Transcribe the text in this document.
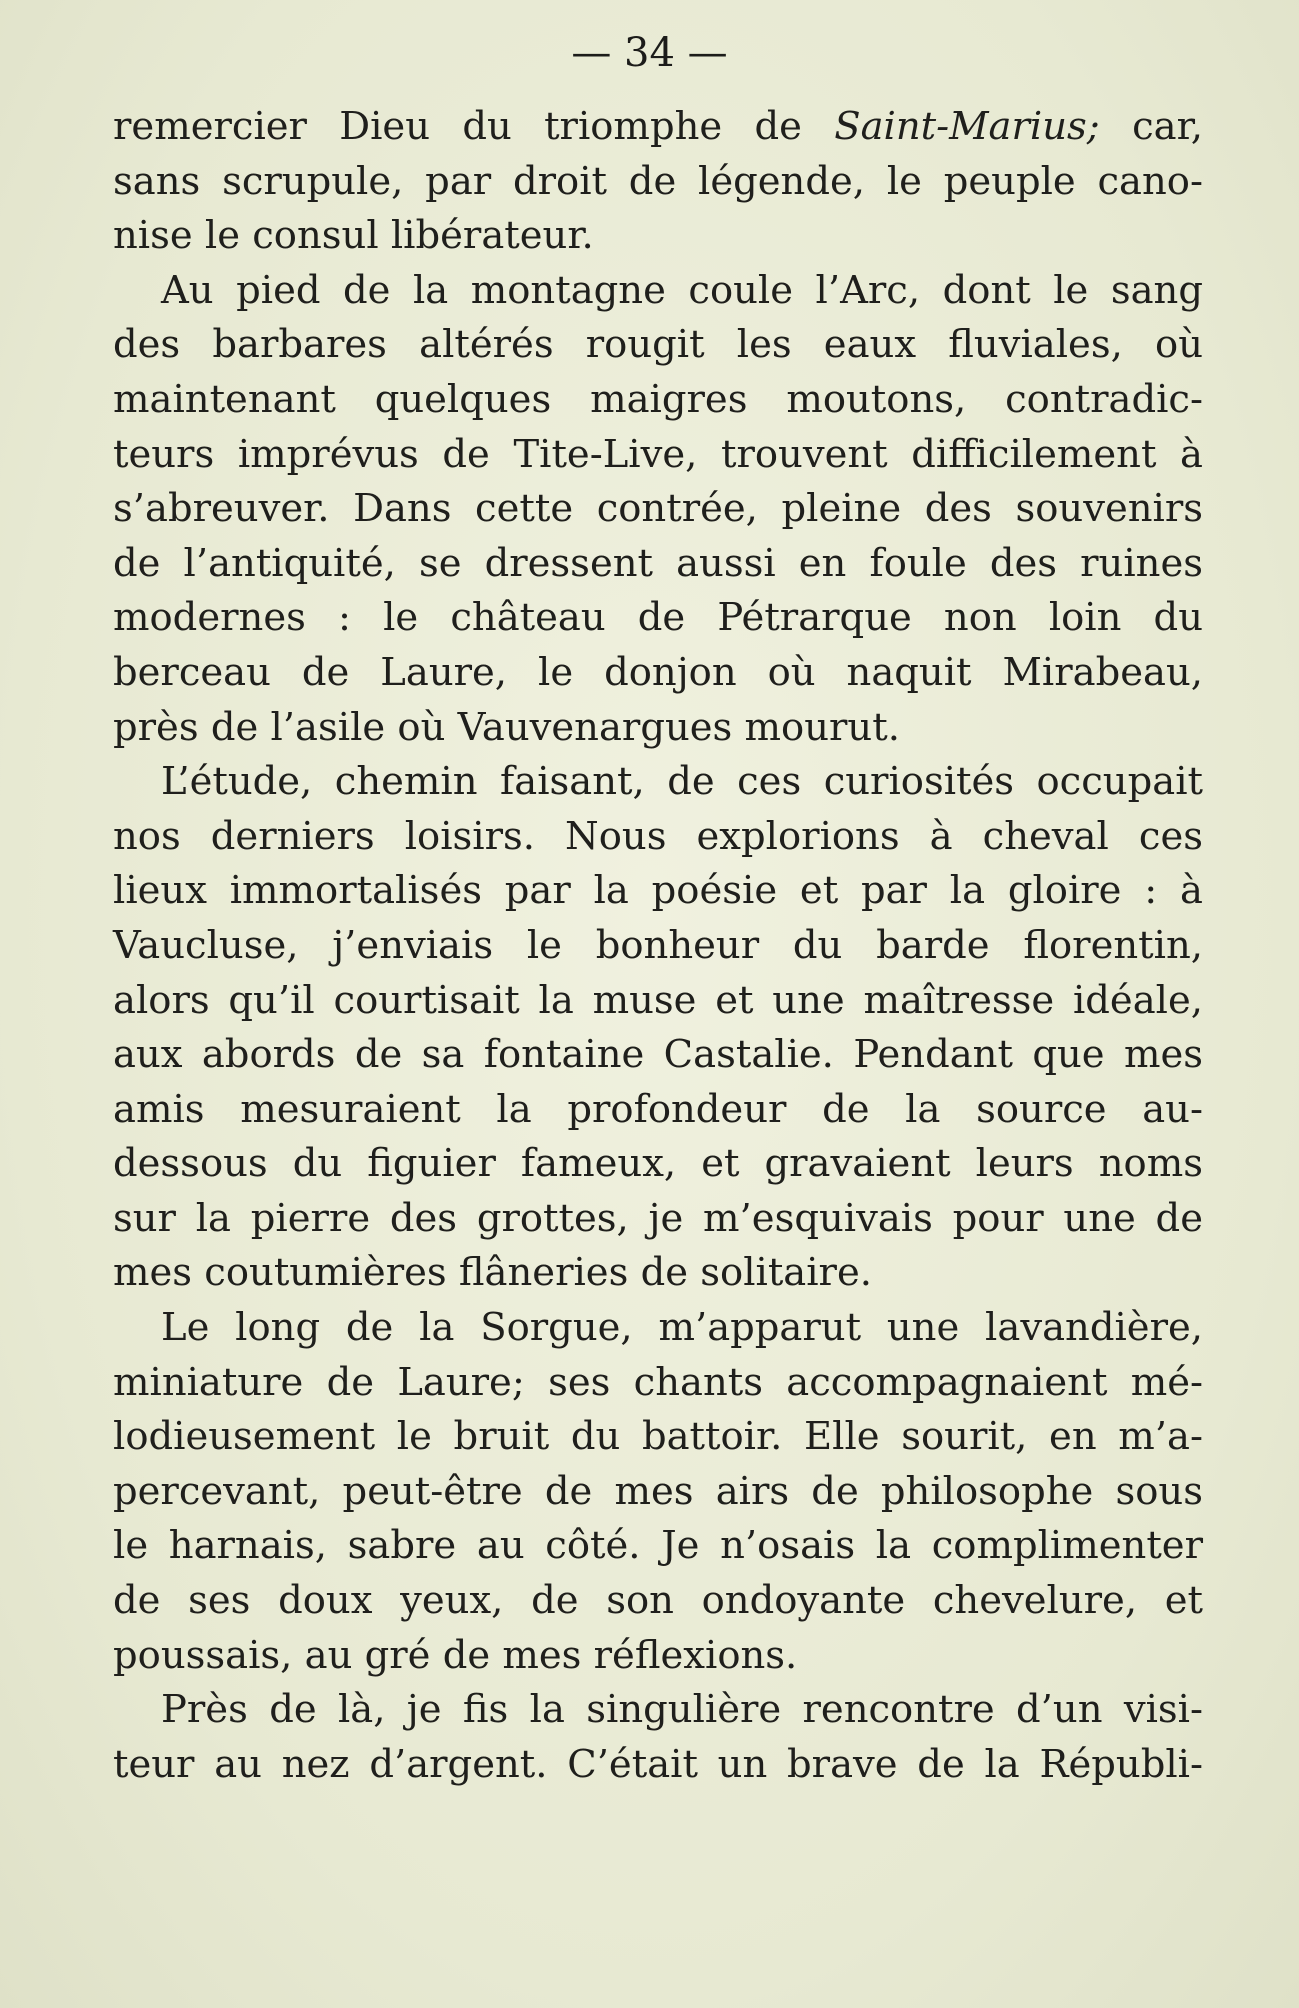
— 34 —
remercier Dieu du triomphe de Saint-Marius; car,
sans scrupule, par droit de légende, le peuple cano-
nise le consul libérateur.
Au pied de la montagne coule l’Arc, dont le sang
des barbares altérés rougit les eaux fluviales, où
maintenant quelques maigres moutons, contradic-
teurs imprévus de Tite-Live, trouvent difficilement à
s’abreuver. Dans cette contrée, pleine des souvenirs
de l’antiquité, se dressent aussi en foule des ruines
modernes : le château de Pétrarque non loin du
berceau de Laure, le donjon où naquit Mirabeau,
près de l’asile où Vauvenargues mourut.
L’étude, chemin faisant, de ces curiosités occupait
nos derniers loisirs. Nous explorions à cheval ces
lieux immortalisés par la poésie et par la gloire : à
Vaucluse, j’enviais le bonheur du barde florentin,
alors qu’il courtisait la muse et une maîtresse idéale,
aux abords de sa fontaine Castalie. Pendant que mes
amis mesuraient la profondeur de la source au-
dessous du figuier fameux, et gravaient leurs noms
sur la pierre des grottes, je m’esquivais pour une de
mes coutumières flâneries de solitaire.
Le long de la Sorgue, m’apparut une lavandière,
miniature de Laure; ses chants accompagnaient mé-
lodieusement le bruit du battoir. Elle sourit, en m’a-
percevant, peut-être de mes airs de philosophe sous
le harnais, sabre au côté. Je n’osais la complimenter
de ses doux yeux, de son ondoyante chevelure, et
poussais, au gré de mes réflexions.
Près de là, je fis la singulière rencontre d’un visi-
teur au nez d’argent. C’était un brave de la Républi-
